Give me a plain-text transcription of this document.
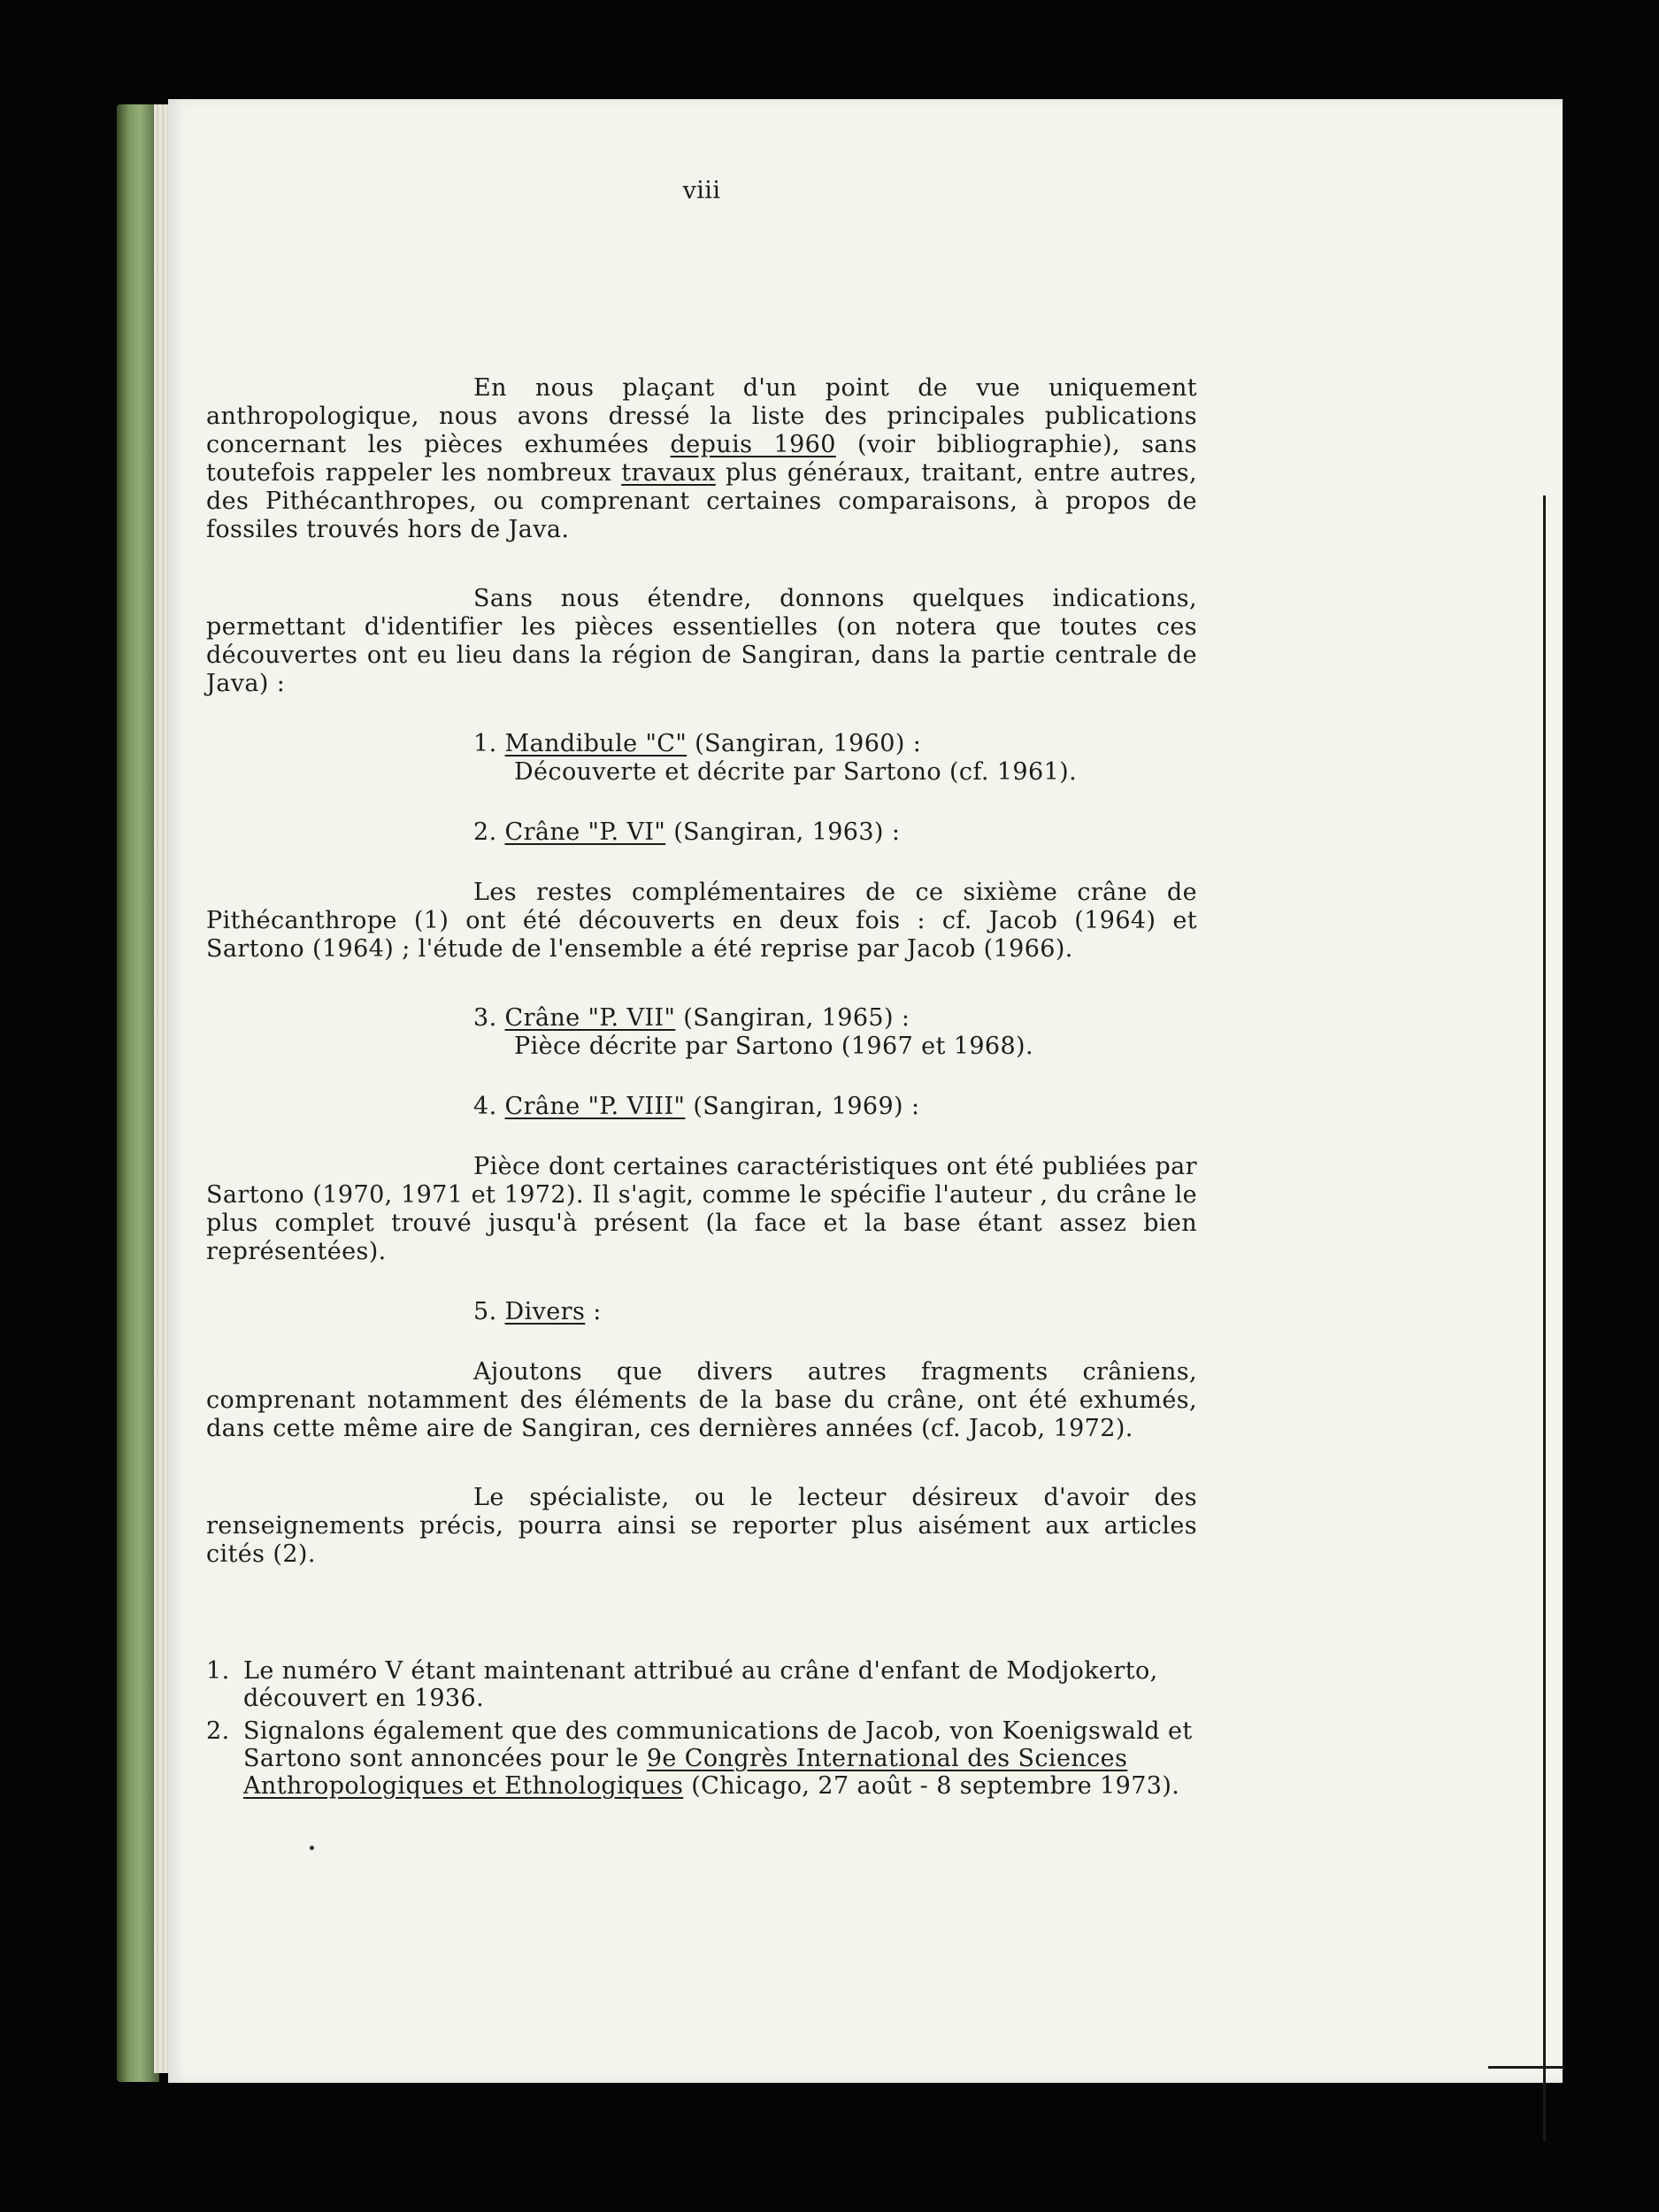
viii

En nous plaçant d'un point de vue uniquement anthropologique, nous avons dressé la liste des principales publications concernant les pièces exhumées depuis 1960 (voir bibliographie), sans toutefois rappeler les nombreux travaux plus généraux, traitant, entre autres, des Pithécanthropes, ou comprenant certaines comparaisons, à propos de fossiles trouvés hors de Java.

Sans nous étendre, donnons quelques indications, permettant d'identifier les pièces essentielles (on notera que toutes ces découvertes ont eu lieu dans la région de Sangiran, dans la partie centrale de Java) :

1. Mandibule "C" (Sangiran, 1960) :
Découverte et décrite par Sartono (cf. 1961).
2. Crâne "P. VI" (Sangiran, 1963) :

Les restes complémentaires de ce sixième crâne de Pithécanthrope (1) ont été découverts en deux fois : cf. Jacob (1964) et Sartono (1964) ; l'étude de l'ensemble a été reprise par Jacob (1966).

3. Crâne "P. VII" (Sangiran, 1965) :
Pièce décrite par Sartono (1967 et 1968).
4. Crâne "P. VIII" (Sangiran, 1969) :

Pièce dont certaines caractéristiques ont été publiées par Sartono (1970, 1971 et 1972). Il s'agit, comme le spécifie l'auteur , du crâne le plus complet trouvé jusqu'à présent (la face et la base étant assez bien représentées).

5. Divers :

Ajoutons que divers autres fragments crâniens, comprenant notamment des éléments de la base du crâne, ont été exhumés, dans cette même aire de Sangiran, ces dernières années (cf. Jacob, 1972).

Le spécialiste, ou le lecteur désireux d'avoir des renseignements précis, pourra ainsi se reporter plus aisément aux articles cités (2).

1. Le numéro V étant maintenant attribué au crâne d'enfant de Modjokerto, découvert en 1936.
2. Signalons également que des communications de Jacob, von Koenigswald et Sartono sont annoncées pour le 9e Congrès International des Sciences Anthropologiques et Ethnologiques (Chicago, 27 août - 8 septembre 1973).
